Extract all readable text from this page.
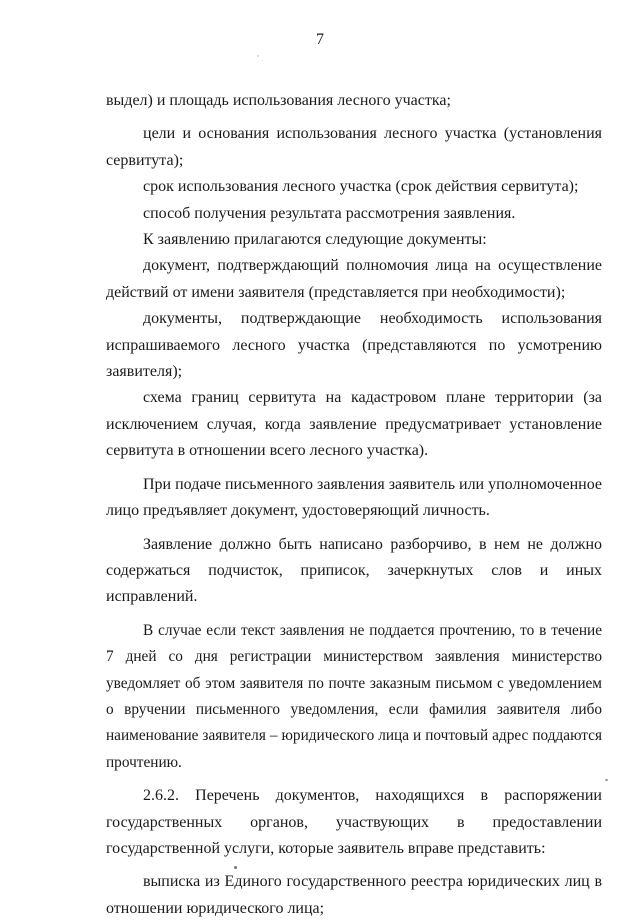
7

выдел) и площадь использования лесного участка;

цели и основания использования лесного участка (установления сервитута);

срок использования лесного участка (срок действия сервитута);

способ получения результата рассмотрения заявления.

К заявлению прилагаются следующие документы:

документ, подтверждающий полномочия лица на осуществление действий от имени заявителя (представляется при необходимости);

документы, подтверждающие необходимость использования испрашиваемого лесного участка (представляются по усмотрению заявителя);

схема границ сервитута на кадастровом плане территории (за исключением случая, когда заявление предусматривает установление сервитута в отношении всего лесного участка).

При подаче письменного заявления заявитель или уполномоченное лицо предъявляет документ, удостоверяющий личность.

Заявление должно быть написано разборчиво, в нем не должно содержаться подчисток, приписок, зачеркнутых слов и иных исправлений.

В случае если текст заявления не поддается прочтению, то в течение 7 дней со дня регистрации министерством заявления министерство уведомляет об этом заявителя по почте заказным письмом с уведомлением о вручении письменного уведомления, если фамилия заявителя либо наименование заявителя – юридического лица и почтовый адрес поддаются прочтению.

2.6.2. Перечень документов, находящихся в распоряжении государственных органов, участвующих в предоставлении государственной услуги, которые заявитель вправе представить:

выписка из Единого государственного реестра юридических лиц в отношении юридического лица;
